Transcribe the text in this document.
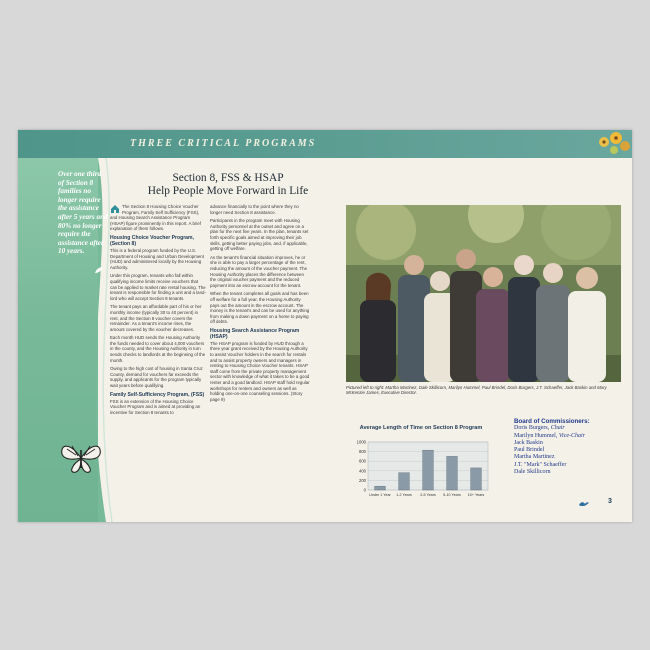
THREE CRITICAL PROGRAMS
Over one third of Section 8 families no longer require the assistance after 5 years and 80% no longer require the assistance after 10 years.
Section 8, FSS & HSAP
Help People Move Forward in Life

The Section 8 Housing Choice Voucher Program, Family Self Sufficiency (FSS), and Housing Search Assistance Program (HSAP) figure prominently in this report. A brief explanation of them follows.

Housing Choice Voucher Program, (Section 8)

This is a federal program funded by the U.S. Department of Housing and Urban Development (HUD) and administered locally by the Housing Authority.

Under this program, tenants who fall within qualifying income limits receive vouchers that can be applied to market rate rental housing. The tenant is responsible for finding a unit and a land-lord who will accept Section 8 tenants.

The tenant pays an affordable part of his or her monthly income (typically 30 to 40 percent) in rent, and the Section 8 voucher covers the remainder. As a tenant's income rises, the amount covered by the voucher decreases.

Each month HUD sends the Housing Authority the funds needed to cover about 4,000 vouchers in the county, and the Housing Authority in turn sends checks to landlords at the beginning of the month.

Owing to the high cost of housing in Santa Cruz County, demand for vouchers far exceeds the supply, and applicants for the program typically wait years before qualifying.

Family Self-Sufficiency Program, (FSS)

FSS is an extension of the Housing Choice Voucher Program and is aimed at providing an incentive for Section 8 tenants to

advance financially to the point where they no longer need Section 8 assistance.

Participants in the program meet with Housing Authority personnel at the outset and agree on a plan for the next five years. In the plan, tenants set forth specific goals aimed at improving their job skills, getting better paying jobs, and, if applicable, getting off welfare.

As the tenant's financial situation improves, he or she is able to pay a larger percentage of the rent, reducing the amount of the voucher payment. The Housing Authority places the difference between the original voucher payment and the reduced payment into an escrow account for the tenant.

When the tenant completes all goals and has been off welfare for a full year, the Housing Authority pays out the amount in the escrow account. The money is the tenant's and can be used for anything from making a down payment on a home to paying off debts.

Housing Search Assistance Program (HSAP)

The HSAP program is funded by HUD through a three year grant received by the Housing Authority to assist Voucher holders in the search for rentals and to assist property owners and managers in renting to Housing Choice Voucher tenants. HSAP staff come from the private property management sector with knowledge of what it takes to be a good renter and a good landlord. HSAP staff hold regular workshops for renters and owners as well as holding one-on-one counseling sessions. (Story page 9)

Pictured left to right: Martha Martinez, Dale Skillicorn, Marilyn Hummel, Paul Brindel, Doris Burgers, J.T. Schaeffer, Jack Baskin and Mary McKenzie James, Executive Director.

Average Length of Time on Section 8 Program
0
200
400
600
800
1000
Under 1 Year 1-2 Years 2-5 Years 5-10 Years 10+ Years
Board of Commissioners:
Doris Burgers, Chair
Marilyn Hummel, Vice-Chair
Jack Baskin
Paul Brindel
Martha Martinez
J.T. "Mark" Schaeffer
Dale Skillicorn
3
